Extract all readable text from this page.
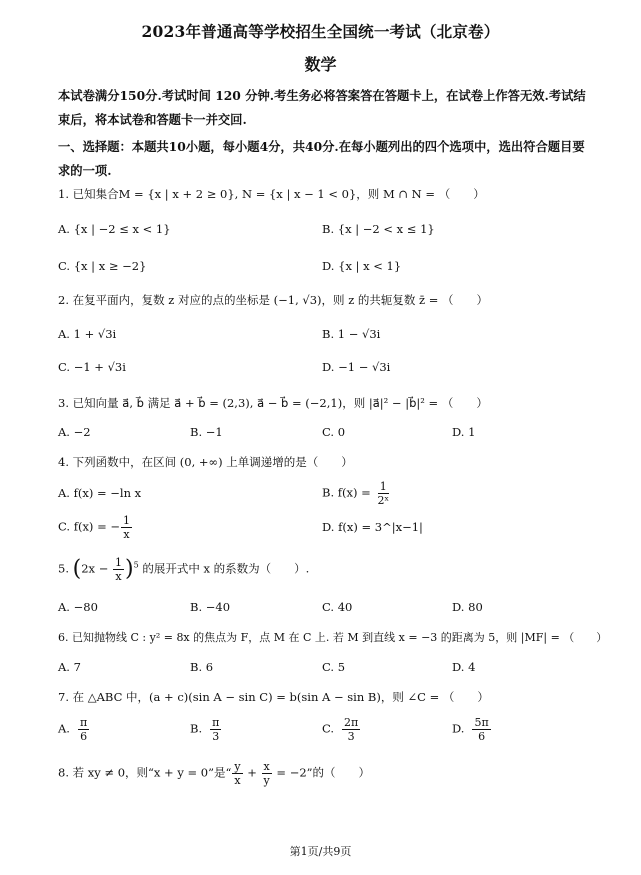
2023年普通高等学校招生全国统一考试（北京卷）
数学
本试卷满分150分.考试时间 120 分钟.考生务必将答案答在答题卡上，在试卷上作答无效.考试结束后，将本试卷和答题卡一并交回.
一、选择题：本题共10小题，每小题4分，共40分.在每小题列出的四个选项中，选出符合题目要求的一项.
1. 已知集合M = {x | x + 2 ≥ 0}, N = {x | x − 1 < 0}，则 M ∩ N = （　　）
A. {x | −2 ≤ x < 1}	B. {x | −2 < x ≤ 1}
C. {x | x ≥ −2}	D. {x | x < 1}
2. 在复平面内，复数 z 对应的点的坐标是 (−1, √3)，则 z 的共轭复数 z̄ = （　　）
A. 1 + √3i	B. 1 − √3i
C. −1 + √3i	D. −1 − √3i
3. 已知向量 a⃗, b⃗ 满足 a⃗ + b⃗ = (2,3), a⃗ − b⃗ = (−2,1)，则 |a⃗|² − |b⃗|² = （　　）
A. −2	B. −1	C. 0	D. 1
4. 下列函数中，在区间 (0, +∞) 上单调递增的是（　　）
A. f(x) = −ln x	B. $f(x) = \frac{1}{\text{2ˣ}}$
C. f(x) = − $\frac{1}{x}$	D. f(x) = 3^|x−1|
5. $(2x - \frac{1}{x} )^5$ 的展开式中 x 的系数为（　　）.
A. −80	B. −40	C. 40	D. 80
6. 已知抛物线 C : y² = 8x 的焦点为 F，点 M 在 C 上. 若 M 到直线 x = −3 的距离为 5，则 |MF| = （　　）
A. 7	B. 6	C. 5	D. 4
7. 在 △ABC 中，(a + c)(sin A − sin C) = b(sin A − sin B)，则 ∠C = （　　）
A. $\frac{\pi}{6}$	B. $\frac{\pi}{3}$	C. $\frac{2\pi}{3}$	D. $\frac{5\pi}{6}$
8. 若 xy ≠ 0，则“x + y = 0”是“ $\frac{y}{x} + \frac{x}{y} = -2$”的（　　）
第1页/共9页
